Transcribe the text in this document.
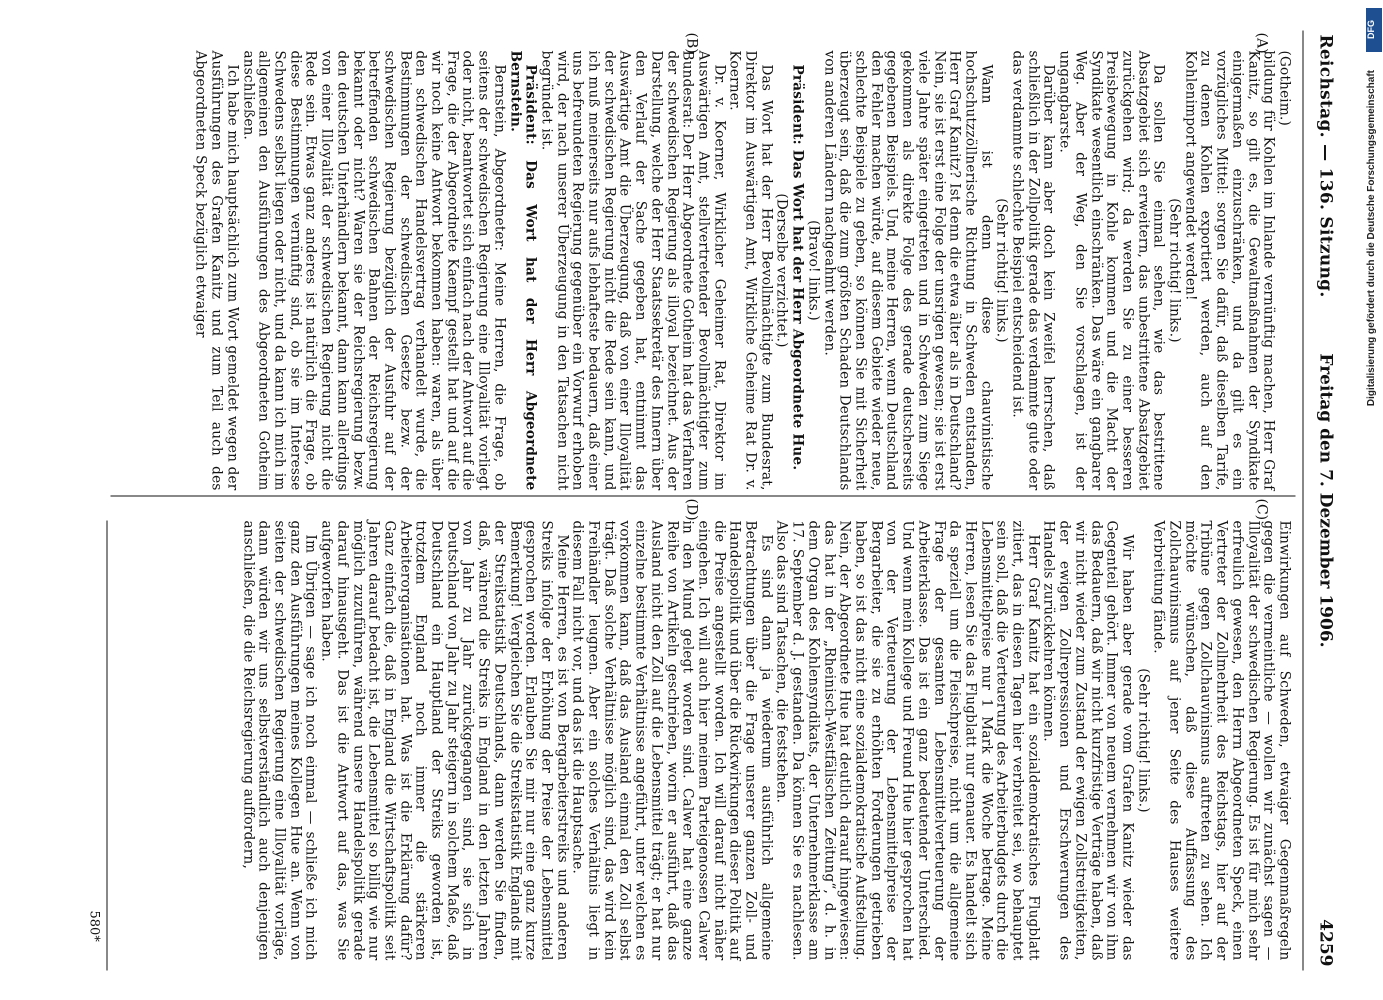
Reichstag. — 136. Sitzung.
Freitag den 7. Dezember 1906.
4259
(A)
(B)
(C)
(D)

(Gotheim.)

bildung für Kohlen im Inlande vernünftig machen, Herr Graf Kanitz, so gilt es, die Gewaltmaßnahmen der Syndikate einigermaßen einzuschränken, und da gilt es ein vorzügliches Mittel: sorgen Sie dafür, daß dieselben Tarife, zu denen Kohlen exportiert werden, auch auf den Kohlenimport angewendet werden!

(Sehr richtig! links.)

Da sollen Sie einmal sehen, wie das bestrittene Absatzgebiet sich erweitern, das unbestrittene Absatzgebiet zurückgehen wird; da werden Sie zu einer besseren Preisbewegung in Kohle kommen und die Macht der Syndikate wesentlich einschränken. Das wäre ein gangbarer Weg. Aber der Weg, den Sie vorschlagen, ist der ungangbarste.

Darüber kann aber doch kein Zweifel herrschen, daß schließlich in der Zollpolitik gerade das verdammte gute oder das verdammte schlechte Beispiel entscheidend ist.

(Sehr richtig! links.)

Wann ist denn diese chauvinistische hochschutzzöllnerische Richtung in Schweden entstanden, Herr Graf Kanitz? Ist denn die etwa älter als in Deutschland? Nein, sie ist erst eine Folge der unsrigen gewesen; sie ist erst viele Jahre später eingetreten und in Schweden zum Siege gekommen als direkte Folge des gerade deutscherseits gegebenen Beispiels. Und, meine Herren, wenn Deutschland den Fehler machen würde, auf diesem Gebiete wieder neue, schlechte Beispiele zu geben, so können Sie mit Sicherheit überzeugt sein, daß die zum größten Schaden Deutschlands von anderen Ländern nachgeahmt werden.

(Bravo! links.)

Präsident: Das Wort hat der Herr Abgeordnete Hue.

(Derselbe verzichtet.)

Das Wort hat der Herr Bevollmächtigte zum Bundesrat, Direktor im Auswärtigen Amt, Wirkliche Geheime Rat Dr. v. Koerner.

Dr. v. Koerner, Wirklicher Geheimer Rat, Direktor im Auswärtigen Amt, stellvertretender Bevollmächtigter zum Bundesrat: Der Herr Abgeordnete Gotheim hat das Verfahren der schwedischen Regierung als illoyal bezeichnet. Aus der Darstellung, welche der Herr Staatssekretär des Innern über den Verlauf der Sache gegeben hat, entnimmt das Auswärtige Amt die Überzeugung, daß von einer Illoyalität der schwedischen Regierung nicht die Rede sein kann, und ich muß meinerseits nur aufs lebhafteste bedauern, daß einer uns befreundeten Regierung gegenüber ein Vorwurf erhoben wird, der nach unserer Überzeugung in den Tatsachen nicht begründet ist.

Präsident: Das Wort hat der Herr Abgeordnete Bernstein.

Bernstein, Abgeordneter: Meine Herren, die Frage, ob seitens der schwedischen Regierung eine Illoyalität vorliegt oder nicht, beantwortet sich einfach nach der Antwort auf die Frage, die der Abgeordnete Kaempf gestellt hat und auf die wir noch keine Antwort bekommen haben: waren, als über den schwedischen Handelsvertrag verhandelt wurde, die Bestimmungen der schwedischen Gesetze bezw. der schwedischen Regierung bezüglich der Ausfuhr auf der betreffenden schwedischen Bahnen der Reichsregierung bekannt oder nicht? Waren sie der Reichsregierung bezw. den deutschen Unterhändlern bekannt, dann kann allerdings von einer Illoyalität der schwedischen Regierung nicht die Rede sein. Etwas ganz anderes ist natürlich die Frage, ob diese Bestimmungen vernünftig sind, ob sie im Interesse Schwedens selbst liegen oder nicht, und da kann ich mich im allgemeinen den Ausführungen des Abgeordneten Gotheim anschließen.

Ich habe mich hauptsächlich zum Wort gemeldet wegen der Ausführungen des Grafen Kanitz und zum Teil auch des Abgeordneten Speck bezüglich etwaiger

Einwirkungen auf Schweden, etwaiger Gegenmaßregeln gegen die vermeintliche — wollen wir zunächst sagen — Illoyalität der schwedischen Regierung. Es ist für mich sehr erfreulich gewesen, den Herrn Abgeordneten Speck, einen Vertreter der Zollmehrheit des Reichstags, hier auf der Tribüne gegen Zollchauvinismus auftreten zu sehen. Ich möchte wünschen, daß diese Auffassung des Zollchauvinismus auf jener Seite des Hauses weitere Verbreitung fände.

(Sehr richtig! links.)

Wir haben aber gerade vom Grafen Kanitz wieder das Gegenteil gehört. Immer von neuem vernehmen wir von ihm das Bedauern, daß wir nicht kurzfristige Verträge haben, daß wir nicht wieder zum Zustand der ewigen Zollstreitigkeiten, der ewigen Zollrepressionen und Erschwerungen des Handels zurückkehren können.

Herr Graf Kanitz hat ein sozialdemokratisches Flugblatt zitiert, das in diesen Tagen hier verbreitet sei, wo behauptet sein soll, daß die Verteuerung des Arbeiterbudgets durch die Lebensmittelpreise nur 1 Mark die Woche betrage. Meine Herren, lesen Sie das Flugblatt nur genauer. Es handelt sich da speziell um die Fleischpreise, nicht um die allgemeine Frage der gesamten Lebensmittelverteuerung der Arbeiterklasse. Das ist ein ganz bedeutender Unterschied. Und wenn mein Kollege und Freund Hue hier gesprochen hat von der Verteuerung der Lebensmittelpreise der Bergarbeiter, die sie zu erhöhten Forderungen getrieben haben, so ist das nicht eine sozialdemokratische Aufstellung. Nein, der Abgeordnete Hue hat deutlich darauf hingewiesen: das hat in der „Rheinisch-Westfälischen Zeitung“, d. h. in dem Organ des Kohlensyndikats, der Unternehmerklasse am 17. September d. J. gestanden. Da können Sie es nachlesen. Also das sind Tatsachen, die feststehen.

Es sind dann ja wiederum ausführlich allgemeine Betrachtungen über die Frage unserer ganzen Zoll- und Handelspolitik und über die Rückwirkungen dieser Politik auf die Preise angestellt worden. Ich will darauf nicht näher eingehen. Ich will auch hier meinem Parteigenossen Calwer in den Mund gelegt worden sind. Calwer hat eine ganze Reihe von Artikeln geschrieben, worin er ausführt, daß das Ausland nicht den Zoll auf die Lebensmittel trägt; er hat nur einzelne bestimmte Verhältnisse angeführt, unter welchen es vorkommen kann, daß das Ausland einmal den Zoll selbst trägt. Daß solche Verhältnisse möglich sind, das wird kein Freihändler leugnen. Aber ein solches Verhältnis liegt in diesem Fall nicht vor, und das ist die Hauptsache.

Meine Herren, es ist von Bergarbeiterstreiks und anderen Streiks infolge der Erhöhung der Preise der Lebensmittel gesprochen worden. Erlauben Sie mir nur eine ganz kurze Bemerkung! Vergleichen Sie die Streikstatistik Englands mit der Streikstatistik Deutschlands, dann werden Sie finden, daß, während die Streiks in England in den letzten Jahren von Jahr zu Jahr zurückgegangen sind, sie sich in Deutschland von Jahr zu Jahr steigern in solchem Maße, daß Deutschland ein Hauptland der Streiks geworden ist, trotzdem England noch immer die stärkeren Arbeiterorganisationen hat. Was ist die Erklärung dafür? Ganz einfach die, daß in England die Wirtschaftspolitik seit Jahren darauf bedacht ist, die Lebensmittel so billig wie nur möglich zuzuführen, während unsere Handelspolitik gerade darauf hinausgeht. Das ist die Antwort auf das, was Sie aufgeworfen haben.

Im Übrigen — sage ich noch einmal — schließe ich mich ganz den Ausführungen meines Kollegen Hue an. Wenn von seiten der schwedischen Regierung eine Illoyalität vorläge, dann würden wir uns selbstverständlich auch denjenigen anschließen, die die Reichsregierung auffordern,

580*
DFG
Digitalisierung gefördert durch die Deutsche Forschungsgemeinschaft
